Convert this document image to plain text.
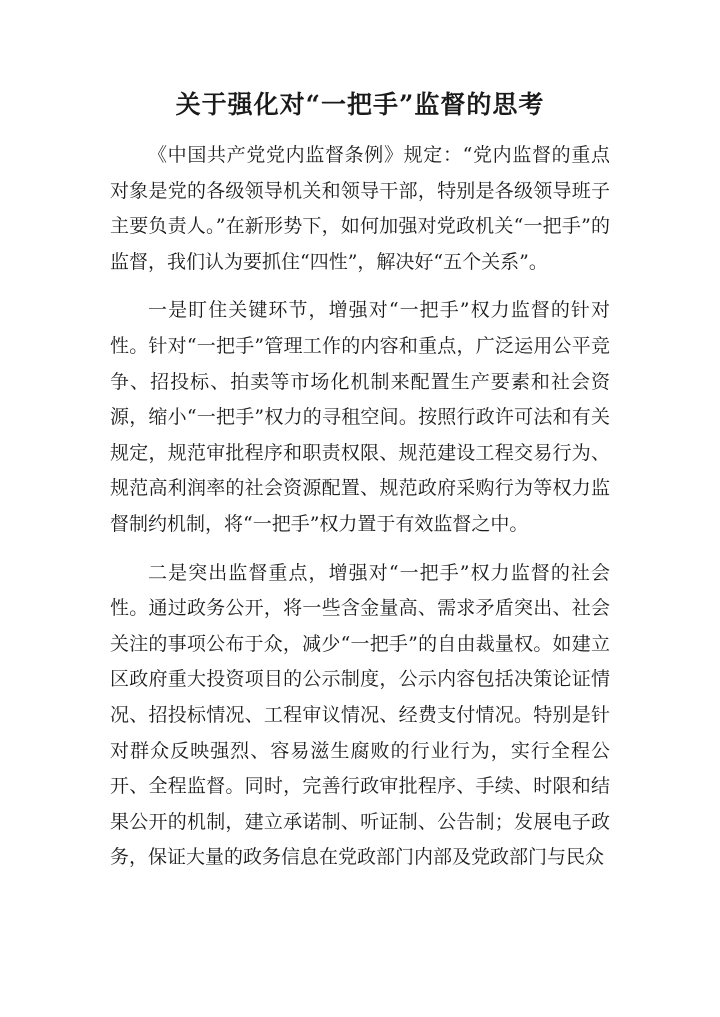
关于强化对“一把手”监督的思考

《中国共产党党内监督条例》规定：“党内监督的重点对象是党的各级领导机关和领导干部，特别是各级领导班子主要负责人。”在新形势下，如何加强对党政机关“一把手”的监督，我们认为要抓住“四性”，解决好“五个关系”。

一是盯住关键环节，增强对“一把手”权力监督的针对性。针对“一把手”管理工作的内容和重点，广泛运用公平竞争、招投标、拍卖等市场化机制来配置生产要素和社会资源，缩小“一把手”权力的寻租空间。按照行政许可法和有关规定，规范审批程序和职责权限、规范建设工程交易行为、规范高利润率的社会资源配置、规范政府采购行为等权力监督制约机制，将“一把手”权力置于有效监督之中。

二是突出监督重点，增强对“一把手”权力监督的社会性。通过政务公开，将一些含金量高、需求矛盾突出、社会关注的事项公布于众，减少“一把手”的自由裁量权。如建立区政府重大投资项目的公示制度，公示内容包括决策论证情况、招投标情况、工程审议情况、经费支付情况。特别是针对群众反映强烈、容易滋生腐败的行业行为，实行全程公开、全程监督。同时，完善行政审批程序、手续、时限和结果公开的机制，建立承诺制、听证制、公告制；发展电子政务，保证大量的政务信息在党政部门内部及党政部门与民众
